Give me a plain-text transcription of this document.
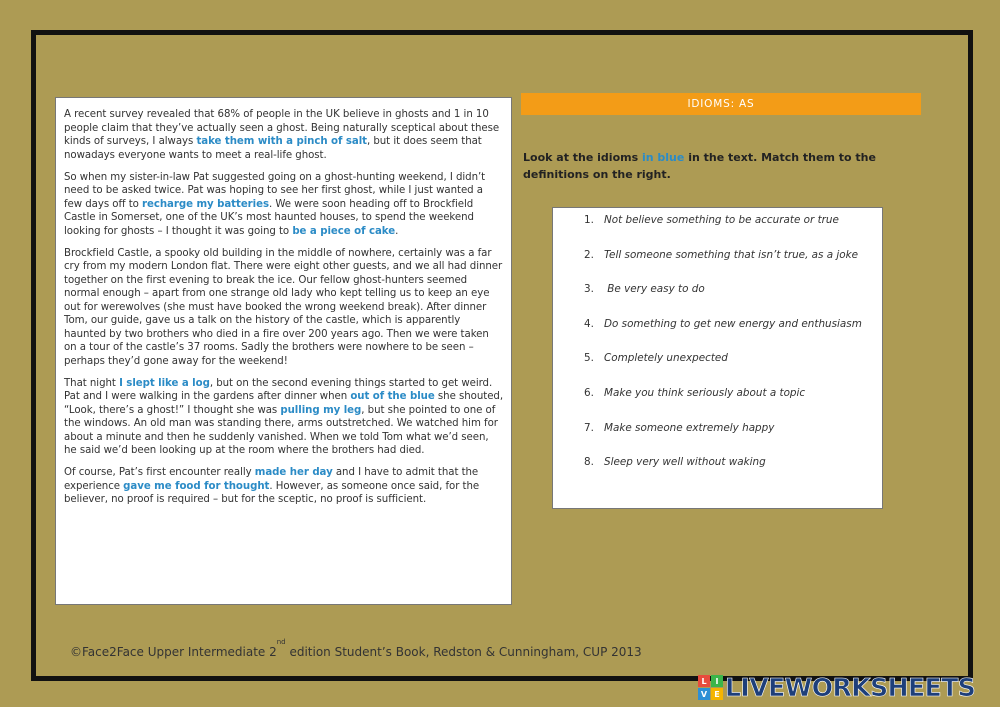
A recent survey revealed that 68% of people in the UK believe in ghosts and 1 in 10 people claim that they’ve actually seen a ghost. Being naturally sceptical about these kinds of surveys, I always take them with a pinch of salt, but it does seem that nowadays everyone wants to meet a real-life ghost.

So when my sister-in-law Pat suggested going on a ghost-hunting weekend, I didn’t need to be asked twice. Pat was hoping to see her first ghost, while I just wanted a few days off to recharge my batteries. We were soon heading off to Brockfield Castle in Somerset, one of the UK’s most haunted houses, to spend the weekend looking for ghosts – I thought it was going to be a piece of cake.

Brockfield Castle, a spooky old building in the middle of nowhere, certainly was a far cry from my modern London flat. There were eight other guests, and we all had dinner together on the first evening to break the ice. Our fellow ghost-hunters seemed normal enough – apart from one strange old lady who kept telling us to keep an eye out for werewolves (she must have booked the wrong weekend break). After dinner Tom, our guide, gave us a talk on the history of the castle, which is apparently haunted by two brothers who died in a fire over 200 years ago. Then we were taken on a tour of the castle’s 37 rooms. Sadly the brothers were nowhere to be seen – perhaps they’d gone away for the weekend!

That night I slept like a log, but on the second evening things started to get weird. Pat and I were walking in the gardens after dinner when out of the blue she shouted, “Look, there’s a ghost!” I thought she was pulling my leg, but she pointed to one of the windows. An old man was standing there, arms outstretched. We watched him for about a minute and then he suddenly vanished. When we told Tom what we’d seen, he said we’d been looking up at the room where the brothers had died.

Of course, Pat’s first encounter really made her day and I have to admit that the experience gave me food for thought. However, as someone once said, for the believer, no proof is required – but for the sceptic, no proof is sufficient.

IDIOMS: AS
Look at the idioms in blue in the text. Match them to the definitions on the right.
1. Not believe something to be accurate or true
2. Tell someone something that isn’t true, as a joke
3. Be very easy to do
4. Do something to get new energy and enthusiasm
5. Completely unexpected
6. Make you think seriously about a topic
7. Make someone extremely happy
8. Sleep very well without waking
©Face2Face Upper Intermediate 2nd edition Student’s Book, Redston & Cunningham, CUP 2013
L	I
V E LIVEWORKSHEETS
